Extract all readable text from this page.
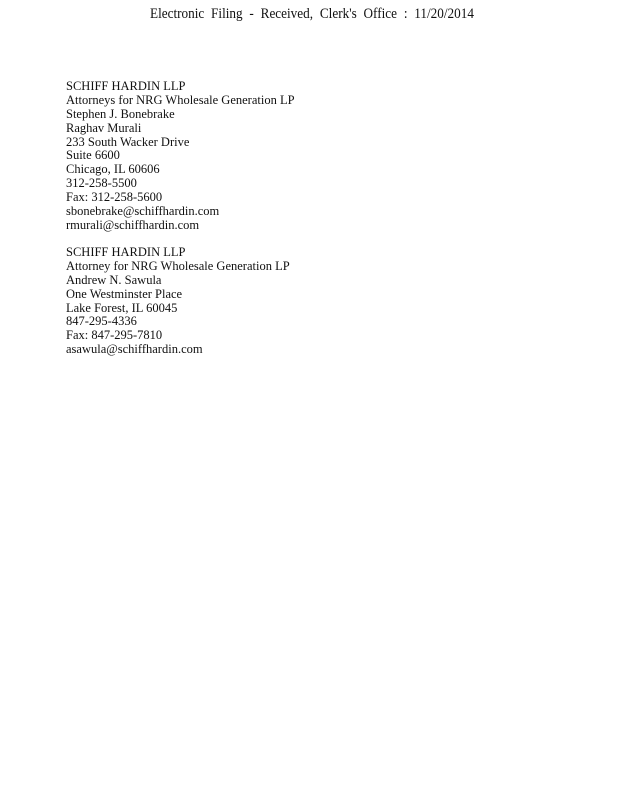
Electronic Filing - Received, Clerk's Office : 11/20/2014
SCHIFF HARDIN LLP
Attorneys for NRG Wholesale Generation LP
Stephen J. Bonebrake
Raghav Murali
233 South Wacker Drive
Suite 6600
Chicago, IL 60606
312-258-5500
Fax: 312-258-5600
sbonebrake@schiffhardin.com
rmurali@schiffhardin.com
SCHIFF HARDIN LLP
Attorney for NRG Wholesale Generation LP
Andrew N. Sawula
One Westminster Place
Lake Forest, IL 60045
847-295-4336
Fax: 847-295-7810
asawula@schiffhardin.com
